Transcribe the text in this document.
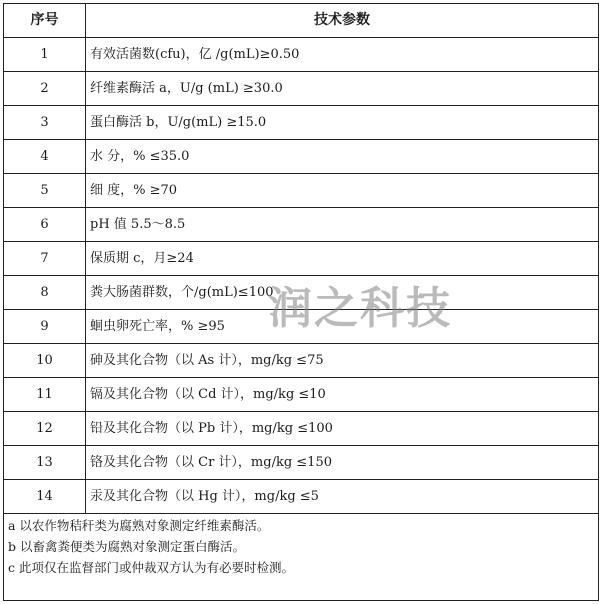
序号	技术参数
1	有效活菌数(cfu)，亿 /g(mL)≥0.50
2	纤维素酶活 a，U/g (mL) ≥30.0
3	蛋白酶活 b，U/g(mL) ≥15.0
4	水 分，% ≤35.0
5	细 度，% ≥70
6	pH 值 5.5～8.5
7	保质期 c，月≥24
8	粪大肠菌群数，个/g(mL)≤100
9	蛔虫卵死亡率，% ≥95
10	砷及其化合物（以 As 计），mg/kg ≤75
11	镉及其化合物（以 Cd 计），mg/kg ≤10
12	铅及其化合物（以 Pb 计），mg/kg ≤100
13	铬及其化合物（以 Cr 计），mg/kg ≤150
14	汞及其化合物（以 Hg 计），mg/kg ≤5
a 以农作物秸秆类为腐熟对象测定纤维素酶活。
b 以畜禽粪便类为腐熟对象测定蛋白酶活。
c 此项仅在监督部门或仲裁双方认为有必要时检测。
润之科技
